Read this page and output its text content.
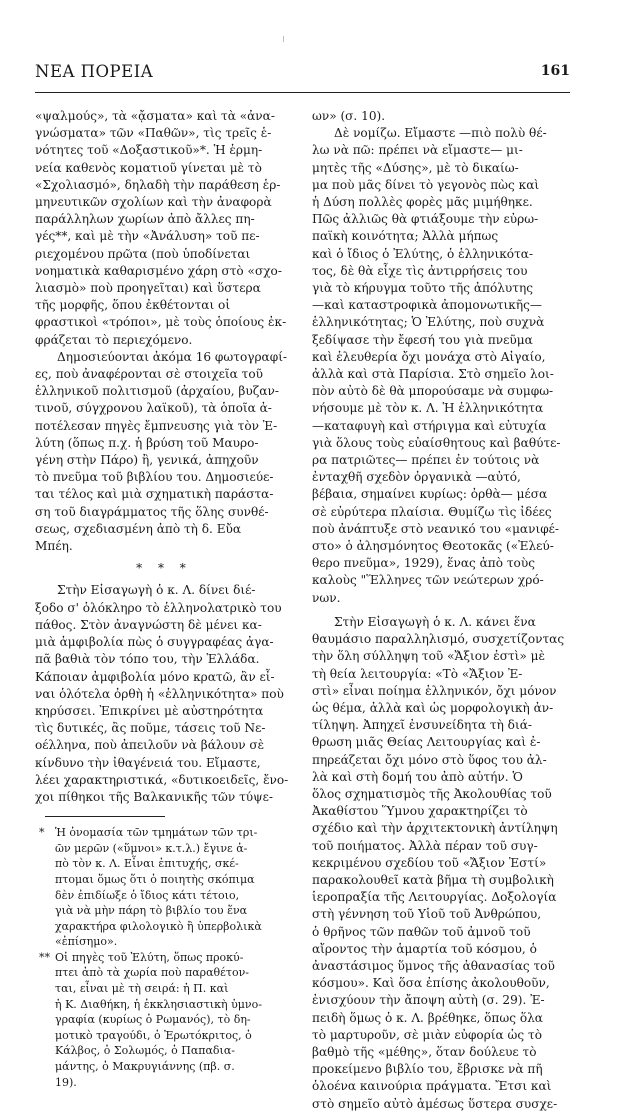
ΝΕΑ ΠΟΡΕΙΑ	161

«ψαλμούς», τὰ «ᾄσματα» καὶ τὰ «ἀνα-
γνώσματα» τῶν «Παθῶν», τὶς τρεῖς ἑ-
νότητες τοῦ «Δοξαστικοῦ»*. Ἡ ἑρμη-
νεία καθενὸς κοματιοῦ γίνεται μὲ τὸ
«Σχολιασμό», δηλαδὴ τὴν παράθεση ἑρ-
μηνευτικῶν σχολίων καὶ τὴν ἀναφορὰ
παράλληλων χωρίων ἀπὸ ἄλλες πη-
γές**, καὶ μὲ τὴν «Ἀνάλυση» τοῦ πε-
ριεχομένου πρῶτα (ποὺ ὑποδίνεται
νοηματικὰ καθαρισμένο χάρη στὸ «σχο-
λιασμὸ» ποὺ προηγεῖται) καὶ ὕστερα
τῆς μορφῆς, ὅπου ἐκθέτονται οἱ
φραστικοὶ «τρόποι», μὲ τοὺς ὁποίους ἐκ-
φράζεται τὸ περιεχόμενο.

Δημοσιεύονται ἀκόμα 16 φωτογραφί-
ες, ποὺ ἀναφέρονται σὲ στοιχεῖα τοῦ
ἑλληνικοῦ πολιτισμοῦ (ἀρχαίου, βυζαν-
τινοῦ, σύγχρονου λαϊκοῦ), τὰ ὁποῖα ἀ-
ποτέλεσαν πηγὲς ἔμπνευσης γιὰ τὸν Ἐ-
λύτη (ὅπως π.χ. ἡ βρύση τοῦ Μαυρο-
γένη στὴν Πάρο) ἢ, γενικά, ἀπηχοῦν
τὸ πνεῦμα τοῦ βιβλίου του. Δημοσιεύε-
ται τέλος καὶ μιὰ σχηματικὴ παράστα-
ση τοῦ διαγράμματος τῆς ὅλης συνθέ-
σεως, σχεδιασμένη ἀπὸ τὴ δ. Εὔα
Μπέη.

* * *

Στὴν Εἰσαγωγὴ ὁ κ. Λ. δίνει διέ-
ξοδο σ' ὁλόκληρο τὸ ἑλληνολατρικὸ του
πάθος. Στὸν ἀναγνώστη δὲ μένει κα-
μιὰ ἀμφιβολία πὼς ὁ συγγραφέας ἀγα-
πᾶ βαθιὰ τὸν τόπο του, τὴν Ἑλλάδα.
Κάποιαν ἀμφιβολία μόνο κρατῶ, ἂν εἶ-
ναι ὁλότελα ὀρθὴ ἡ «ἑλληνικότητα» ποὺ
κηρύσσει. Ἐπικρίνει μὲ αὐστηρότητα
τὶς δυτικές, ἂς ποῦμε, τάσεις τοῦ Νε-
οέλληνα, ποὺ ἀπειλοῦν νὰ βάλουν σὲ
κίνδυνο τὴν ἰθαγένειά του. Εἴμαστε,
λέει χαρακτηριστικά, «δυτικοειδεῖς, ἔνο-
χοι πίθηκοι τῆς Βαλκανικῆς τῶν τύψε-

* Ἡ ὀνομασία τῶν τμημάτων τῶν τρι-
ῶν μερῶν («ὕμνοι» κ.τ.λ.) ἔγινε ἀ-
πὸ τὸν κ. Λ. Εἶναι ἐπιτυχής, σκέ-
πτομαι ὅμως ὅτι ὁ ποιητὴς σκόπιμα
δὲν ἐπιδίωξε ὁ ἴδιος κάτι τέτοιο,
γιὰ νὰ μὴν πάρη τὸ βιβλίο του ἕνα
χαρακτήρα φιλολογικὸ ἢ ὑπερβολικὰ
«ἐπίσημο».

** Οἱ πηγὲς τοῦ Ἐλύτη, ὅπως προκύ-
πτει ἀπὸ τὰ χωρία ποὺ παραθέτον-
ται, εἶναι μὲ τὴ σειρά: ἡ Π. καὶ
ἡ Κ. Διαθήκη, ἡ ἐκκλησιαστικὴ ὑμνο-
γραφία (κυρίως ὁ Ρωμανός), τὸ δη-
μοτικὸ τραγούδι, ὁ Ἐρωτόκριτος, ὁ
Κάλβος, ὁ Σολωμός, ὁ Παπαδια-
μάντης, ὁ Μακρυγιάννης (πβ. σ.
19).

ων» (σ. 10).

Δὲ νομίζω. Εἴμαστε —πιὸ πολὺ θέ-
λω νὰ πῶ: πρέπει νὰ εἴμαστε— μι-
μητὲς τῆς «Δύσης», μὲ τὸ δικαίω-
μα ποὺ μᾶς δίνει τὸ γεγονὸς πὼς καὶ
ἡ Δύση πολλὲς φορὲς μᾶς μιμήθηκε.
Πῶς ἀλλιῶς θὰ φτιάξουμε τὴν εὐρω-
παϊκὴ κοινότητα; Ἀλλὰ μήπως
καὶ ὁ ἴδιος ὁ Ἐλύτης, ὁ ἑλληνικότα-
τος, δὲ θὰ εἶχε τὶς ἀντιρρήσεις του
γιὰ τὸ κήρυγμα τοῦτο τῆς ἀπόλυτης
—καὶ καταστροφικὰ ἀπομονωτικῆς—
ἑλληνικότητας; Ὁ Ἐλύτης, ποὺ συχνὰ
ξεδίψασε τὴν ἔφεσή του γιὰ πνεῦμα
καὶ ἐλευθερία ὄχι μονάχα στὸ Αἰγαίο,
ἀλλὰ καὶ στὰ Παρίσια. Στὸ σημεῖο λοι-
πὸν αὐτὸ δὲ θὰ μπορούσαμε νὰ συμφω-
νήσουμε μὲ τὸν κ. Λ. Ἡ ἑλληνικότητα
—καταφυγὴ καὶ στήριγμα καὶ εὐτυχία
γιὰ ὅλους τοὺς εὐαίσθητους καὶ βαθύτε-
ρα πατριῶτες— πρέπει ἐν τούτοις νὰ
ἐνταχθῆ σχεδὸν ὀργανικὰ —αὐτό,
βέβαια, σημαίνει κυρίως: ὀρθὰ— μέσα
σὲ εὐρύτερα πλαίσια. Θυμίζω τὶς ἰδέες
ποὺ ἀνάπτυξε στὸ νεανικό του «μανιφέ-
στο» ὁ ἀλησμόνητος Θεοτοκᾶς («Ἐλεύ-
θερο πνεῦμα», 1929), ἕνας ἀπὸ τοὺς
καλοὺς "Ἕλληνες τῶν νεώτερων χρό-
νων.

Στὴν Εἰσαγωγὴ ὁ κ. Λ. κάνει ἕνα
θαυμάσιο παραλληλισμό, συσχετίζοντας
τὴν ὅλη σύλληψη τοῦ «Ἄξιον ἐστὶ» μὲ
τὴ θεία λειτουργία: «Τὸ «Ἄξιον Ἐ-
στὶ» εἶναι ποίημα ἑλληνικόν, ὄχι μόνον
ὡς θέμα, ἀλλὰ καὶ ὡς μορφολογικὴ ἀν-
τίληψη. Ἀπηχεῖ ἐνσυνείδητα τὴ διά-
θρωση μιᾶς Θείας Λειτουργίας καὶ ἐ-
πηρεάζεται ὄχι μόνο στὸ ὕφος του ἀλ-
λὰ καὶ στὴ δομή του ἀπὸ αὐτήν. Ὁ
ὅλος σχηματισμὸς τῆς Ἀκολουθίας τοῦ
Ἀκαθίστου Ὕμνου χαρακτηρίζει τὸ
σχέδιο καὶ τὴν ἀρχιτεκτονικὴ ἀντίληψη
τοῦ ποιήματος. Ἀλλὰ πέραν τοῦ συγ-
κεκριμένου σχεδίου τοῦ «Ἄξιον Ἐστί»
παρακολουθεῖ κατὰ βῆμα τὴ συμβολικὴ
ἱεροπραξία τῆς Λειτουργίας. Δοξολογία
στὴ γέννηση τοῦ Υἱοῦ τοῦ Ἀνθρώπου,
ὁ θρῆνος τῶν παθῶν τοῦ ἀμνοῦ τοῦ
αἴροντος τὴν ἁμαρτία τοῦ κόσμου, ὁ
ἀναστάσιμος ὕμνος τῆς ἀθανασίας τοῦ
κόσμου». Καὶ ὅσα ἐπίσης ἀκολουθοῦν,
ἐνισχύουν τὴν ἄποψη αὐτὴ (σ. 29). Ἐ-
πειδὴ ὅμως ὁ κ. Λ. βρέθηκε, ὅπως ὅλα
τὸ μαρτυροῦν, σὲ μιὰν εὐφορία ὡς τὸ
βαθμὸ τῆς «μέθης», ὅταν δούλευε τὸ
προκείμενο βιβλίο του, ἔβρισκε νὰ πῆ
ὁλοένα καινούρια πράγματα. Ἔτσι καὶ
στὸ σημεῖο αὐτὸ ἀμέσως ὕστερα συσχε-
